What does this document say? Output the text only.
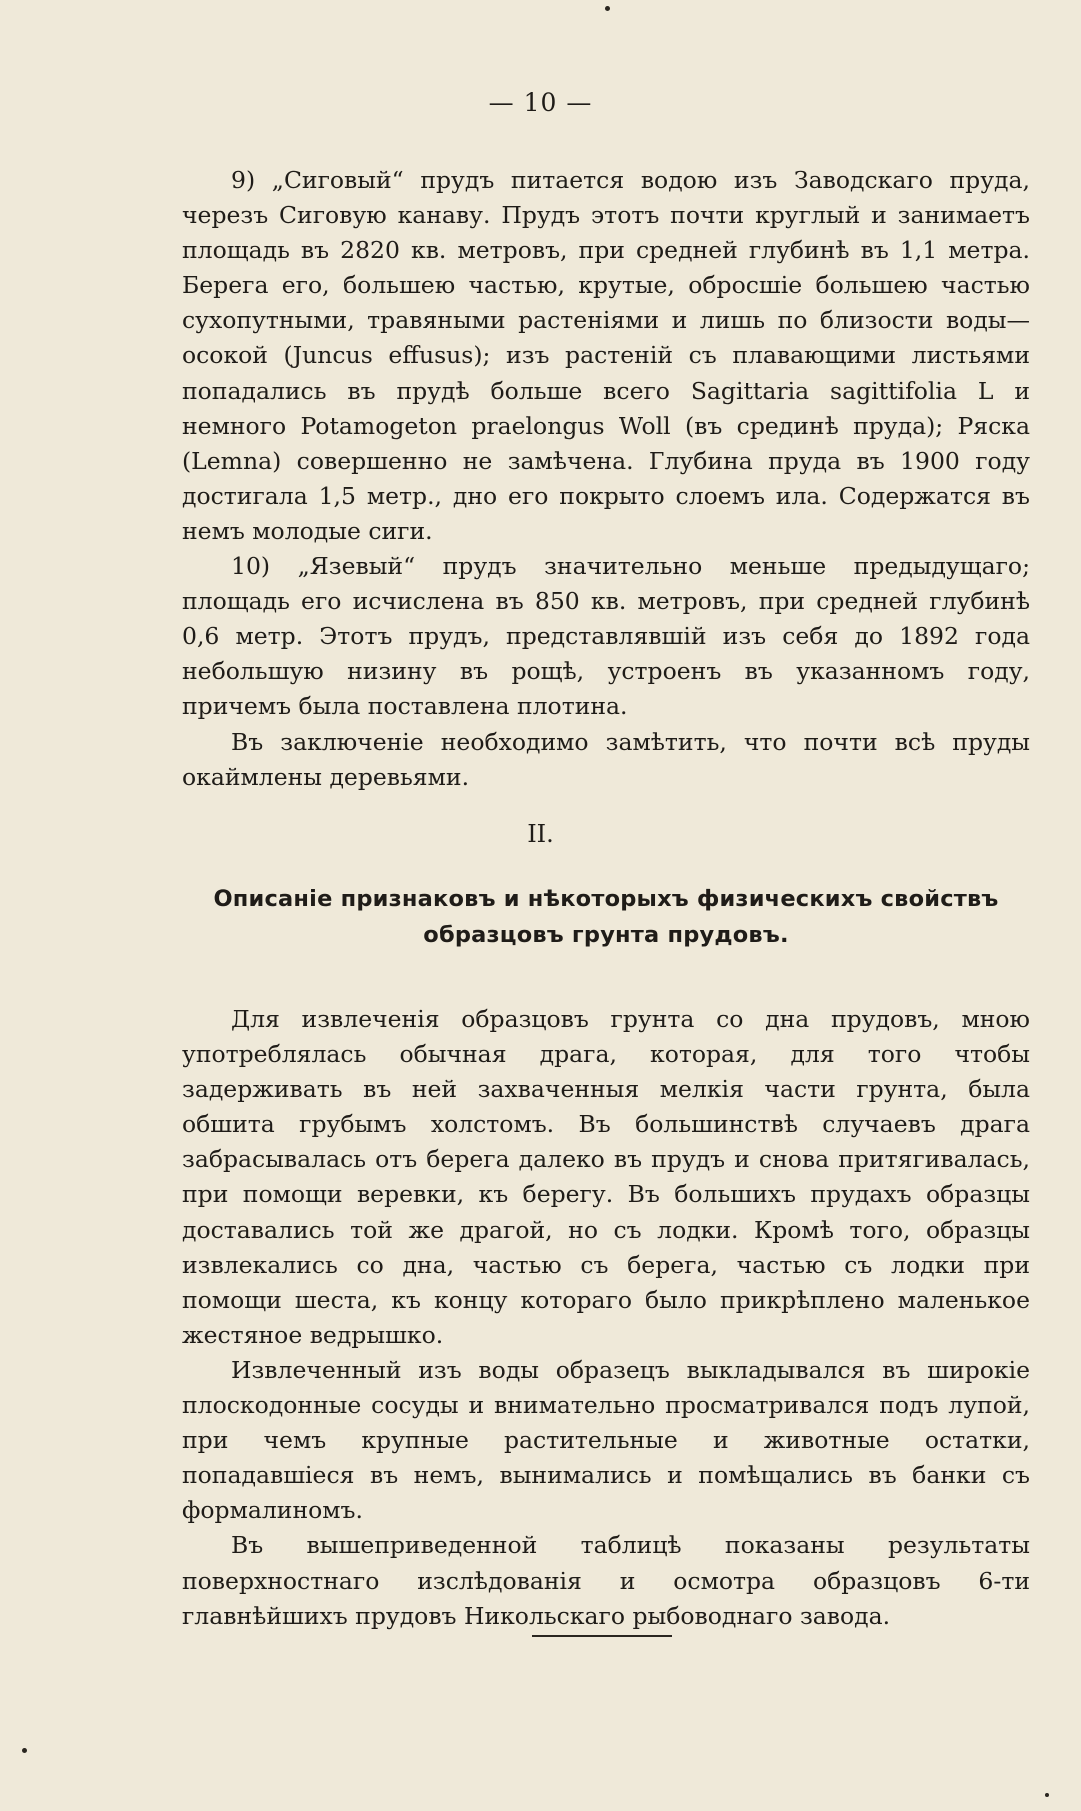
— 10 —

9) „Сиговый“ прудъ питается водою изъ Заводскаго пруда, черезъ Сиговую канаву. Прудъ этотъ почти круглый и занимаетъ площадь въ 2820 кв. метровъ, при средней глубинѣ въ 1,1 метра. Берега его, большею частью, крутые, обросшіе большею частью сухопутными, травяными растеніями и лишь по близости воды—осокой (Juncus effusus); изъ растеній съ плавающими листьями попадались въ прудѣ больше всего Sagittaria sagittifolia L и немного Potamogeton praelongus Woll (въ срединѣ пруда); Ряска (Lemna) совершенно не замѣчена. Глубина пруда въ 1900 году достигала 1,5 метр., дно его покрыто слоемъ ила. Содержатся въ немъ молодые сиги.

10) „Язевый“ прудъ значительно меньше предыдущаго; площадь его исчислена въ 850 кв. метровъ, при средней глубинѣ 0,6 метр. Этотъ прудъ, представлявшій изъ себя до 1892 года небольшую низину въ рощѣ, устроенъ въ указанномъ году, причемъ была поставлена плотина.

Въ заключеніе необходимо замѣтить, что почти всѣ пруды окаймлены деревьями.

II.
Описаніе признаковъ и нѣкоторыхъ физическихъ свойствъ образцовъ грунта прудовъ.

Для извлеченія образцовъ грунта со дна прудовъ, мною употреблялась обычная драга, которая, для того чтобы задерживать въ ней захваченныя мелкія части грунта, была обшита грубымъ холстомъ. Въ большинствѣ случаевъ драга забрасывалась отъ берега далеко въ прудъ и снова притягивалась, при помощи веревки, къ берегу. Въ большихъ прудахъ образцы доставались той же драгой, но съ лодки. Кромѣ того, образцы извлекались со дна, частью съ берега, частью съ лодки при помощи шеста, къ концу котораго было прикрѣплено маленькое жестяное ведрышко.

Извлеченный изъ воды образецъ выкладывался въ широкіе плоскодонные сосуды и внимательно просматривался подъ лупой, при чемъ крупные растительные и животные остатки, попадавшіеся въ немъ, вынимались и помѣщались въ банки съ формалиномъ.

Въ вышеприведенной таблицѣ показаны результаты поверхностнаго изслѣдованія и осмотра образцовъ 6-ти главнѣйшихъ прудовъ Никольскаго рыбоводнаго завода.
